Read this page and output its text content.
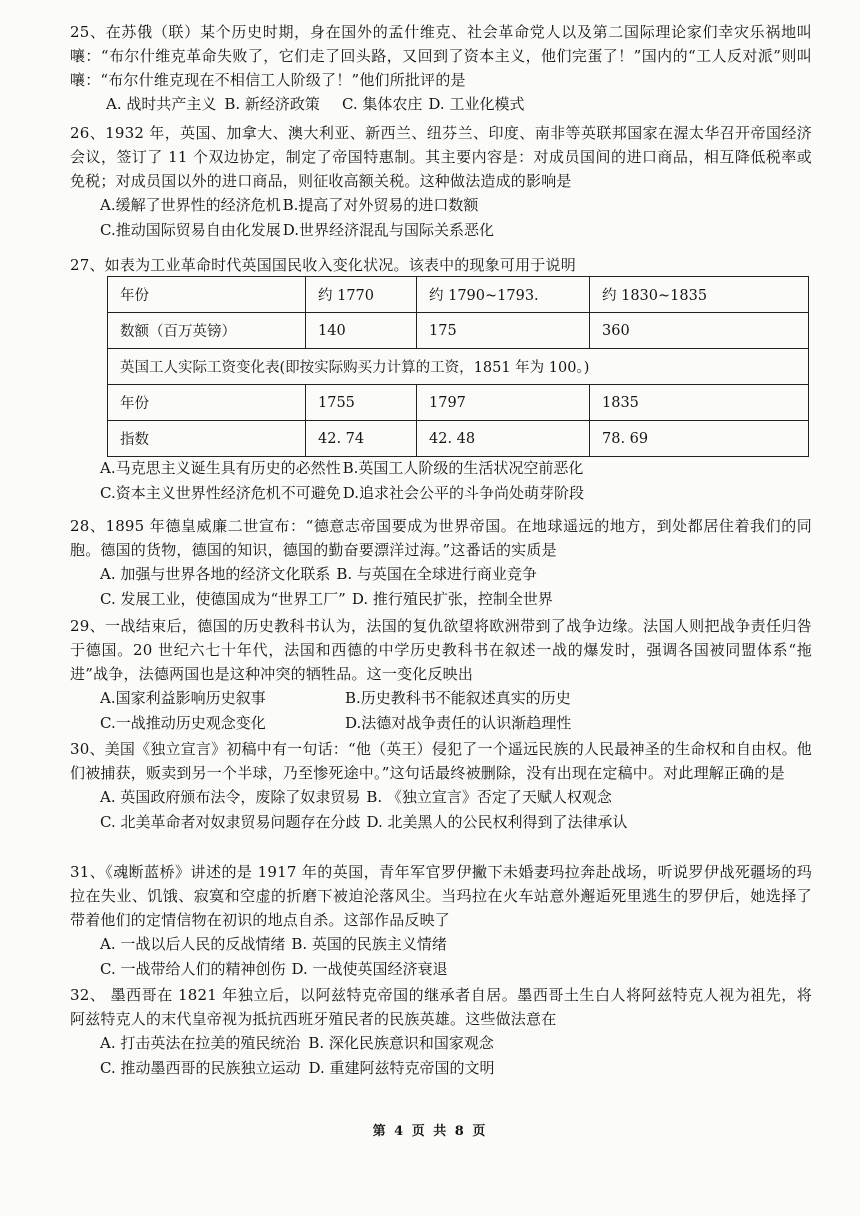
25、在苏俄（联）某个历史时期，身在国外的孟什维克、社会革命党人以及第二国际理论家们幸灾乐祸地叫嚷：“布尔什维克革命失败了，它们走了回头路，又回到了资本主义，他们完蛋了！”国内的“工人反对派”则叫嚷：“布尔什维克现在不相信工人阶级了！”他们所批评的是

A. 战时共产主义 B. 新经济政策 C. 集体农庄 D. 工业化模式

26、1932 年，英国、加拿大、澳大利亚、新西兰、纽芬兰、印度、南非等英联邦国家在渥太华召开帝国经济会议，签订了 11 个双边协定，制定了帝国特惠制。其主要内容是：对成员国间的进口商品，相互降低税率或免税；对成员国以外的进口商品，则征收高额关税。这种做法造成的影响是

A.缓解了世界性的经济危机 B.提高了对外贸易的进口数额
C.推动国际贸易自由化发展 D.世界经济混乱与国际关系恶化

27、如表为工业革命时代英国国民收入变化状况。该表中的现象可用于说明

年份	约 1770	约 1790~1793.	约 1830~1835
数额（百万英镑）	140	175	360
英国工人实际工资变化表(即按实际购买力计算的工资，1851 年为 100。)			
年份	1755	1797	1835
指数	42. 74	42. 48	78. 69
A.马克思主义诞生具有历史的必然性 B.英国工人阶级的生活状况空前恶化
C.资本主义世界性经济危机不可避免 D.追求社会公平的斗争尚处萌芽阶段

28、1895 年德皇威廉二世宣布：“德意志帝国要成为世界帝国。在地球遥远的地方，到处都居住着我们的同胞。德国的货物，德国的知识，德国的勤奋要漂洋过海。”这番话的实质是

A. 加强与世界各地的经济文化联系 B. 与英国在全球进行商业竞争
C. 发展工业，使德国成为“世界工厂” D. 推行殖民扩张，控制全世界

29、一战结束后，德国的历史教科书认为，法国的复仇欲望将欧洲带到了战争边缘。法国人则把战争责任归咎于德国。20 世纪六七十年代，法国和西德的中学历史教科书在叙述一战的爆发时，强调各国被同盟体系“拖进”战争，法德两国也是这种冲突的牺牲品。这一变化反映出

A.国家利益影响历史叙事	B.历史教科书不能叙述真实的历史
C.一战推动历史观念变化	D.法德对战争责任的认识渐趋理性

30、美国《独立宣言》初稿中有一句话：“他（英王）侵犯了一个遥远民族的人民最神圣的生命权和自由权。他们被捕获，贩卖到另一个半球，乃至惨死途中。”这句话最终被删除，没有出现在定稿中。对此理解正确的是

A. 英国政府颁布法令，废除了奴隶贸易 B. 《独立宣言》否定了天赋人权观念
C. 北美革命者对奴隶贸易问题存在分歧 D. 北美黑人的公民权利得到了法律承认

31、《魂断蓝桥》讲述的是 1917 年的英国，青年军官罗伊撇下未婚妻玛拉奔赴战场，听说罗伊战死疆场的玛拉在失业、饥饿、寂寞和空虚的折磨下被迫沦落风尘。当玛拉在火车站意外邂逅死里逃生的罗伊后，她选择了带着他们的定情信物在初识的地点自杀。这部作品反映了

A. 一战以后人民的反战情绪 B. 英国的民族主义情绪
C. 一战带给人们的精神创伤 D. 一战使英国经济衰退

32、 墨西哥在 1821 年独立后，以阿兹特克帝国的继承者自居。墨西哥土生白人将阿兹特克人视为祖先，将阿兹特克人的末代皇帝视为抵抗西班牙殖民者的民族英雄。这些做法意在

A. 打击英法在拉美的殖民统治 B. 深化民族意识和国家观念
C. 推动墨西哥的民族独立运动 D. 重建阿兹特克帝国的文明
第 4 页 共 8 页
